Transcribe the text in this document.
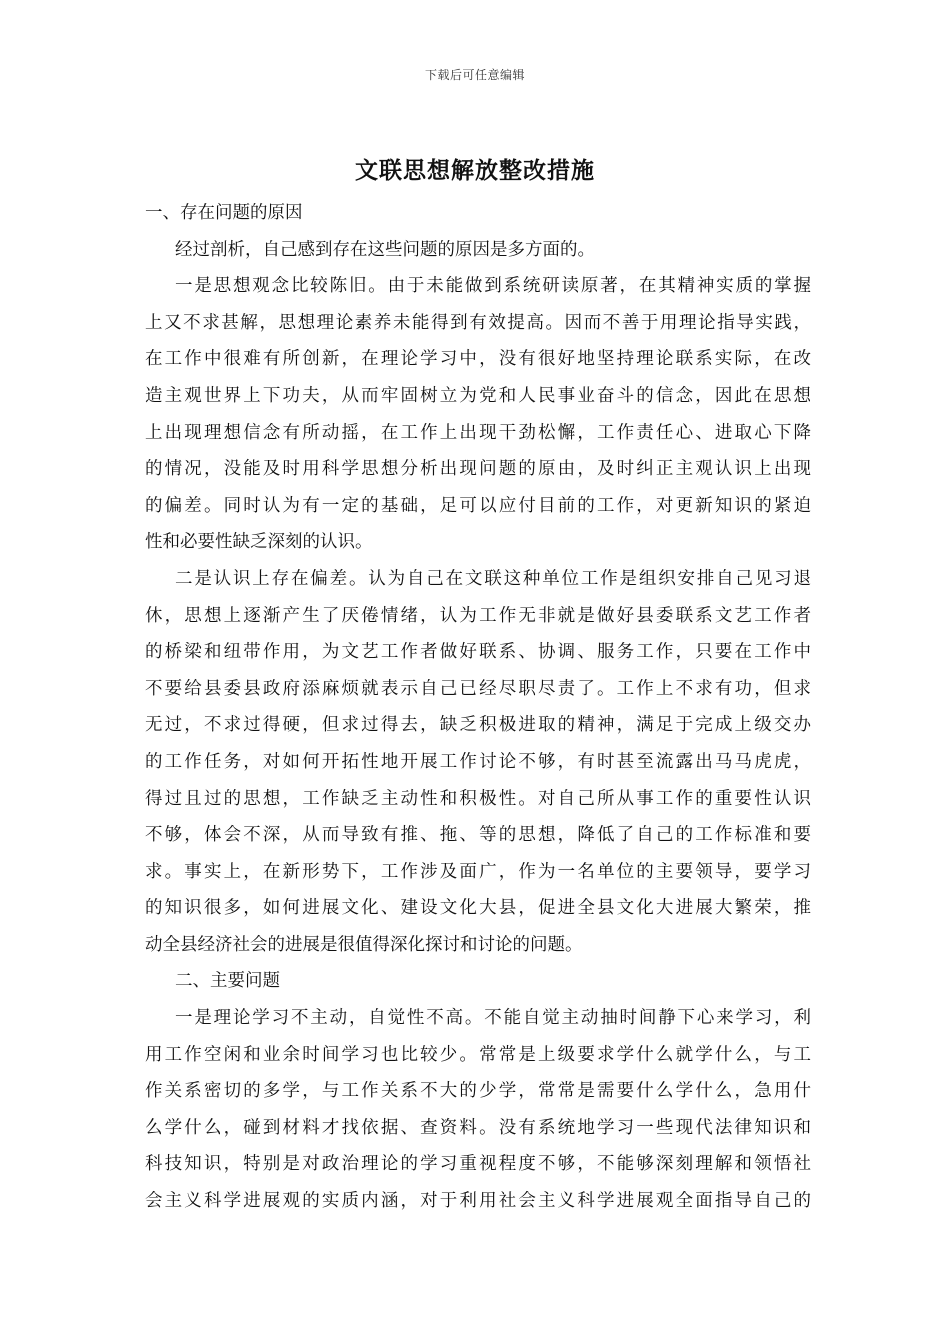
下载后可任意编辑
文联思想解放整改措施
一、存在问题的原因
经过剖析，自己感到存在这些问题的原因是多方面的。
一是思想观念比较陈旧。由于未能做到系统研读原著，在其精神实质的掌握
上又不求甚解，思想理论素养未能得到有效提高。因而不善于用理论指导实践，
在工作中很难有所创新，在理论学习中，没有很好地坚持理论联系实际，在改
造主观世界上下功夫，从而牢固树立为党和人民事业奋斗的信念，因此在思想
上出现理想信念有所动摇，在工作上出现干劲松懈，工作责任心、进取心下降
的情况，没能及时用科学思想分析出现问题的原由，及时纠正主观认识上出现
的偏差。同时认为有一定的基础，足可以应付目前的工作，对更新知识的紧迫
性和必要性缺乏深刻的认识。
二是认识上存在偏差。认为自己在文联这种单位工作是组织安排自己见习退
休，思想上逐渐产生了厌倦情绪，认为工作无非就是做好县委联系文艺工作者
的桥梁和纽带作用，为文艺工作者做好联系、协调、服务工作，只要在工作中
不要给县委县政府添麻烦就表示自己已经尽职尽责了。工作上不求有功，但求
无过，不求过得硬，但求过得去，缺乏积极进取的精神，满足于完成上级交办
的工作任务，对如何开拓性地开展工作讨论不够，有时甚至流露出马马虎虎，
得过且过的思想，工作缺乏主动性和积极性。对自己所从事工作的重要性认识
不够，体会不深，从而导致有推、拖、等的思想，降低了自己的工作标准和要
求。事实上，在新形势下，工作涉及面广，作为一名单位的主要领导，要学习
的知识很多，如何进展文化、建设文化大县，促进全县文化大进展大繁荣，推
动全县经济社会的进展是很值得深化探讨和讨论的问题。
二、主要问题
一是理论学习不主动，自觉性不高。不能自觉主动抽时间静下心来学习，利
用工作空闲和业余时间学习也比较少。常常是上级要求学什么就学什么，与工
作关系密切的多学，与工作关系不大的少学，常常是需要什么学什么，急用什
么学什么，碰到材料才找依据、查资料。没有系统地学习一些现代法律知识和
科技知识，特别是对政治理论的学习重视程度不够，不能够深刻理解和领悟社
会主义科学进展观的实质内涵，对于利用社会主义科学进展观全面指导自己的
